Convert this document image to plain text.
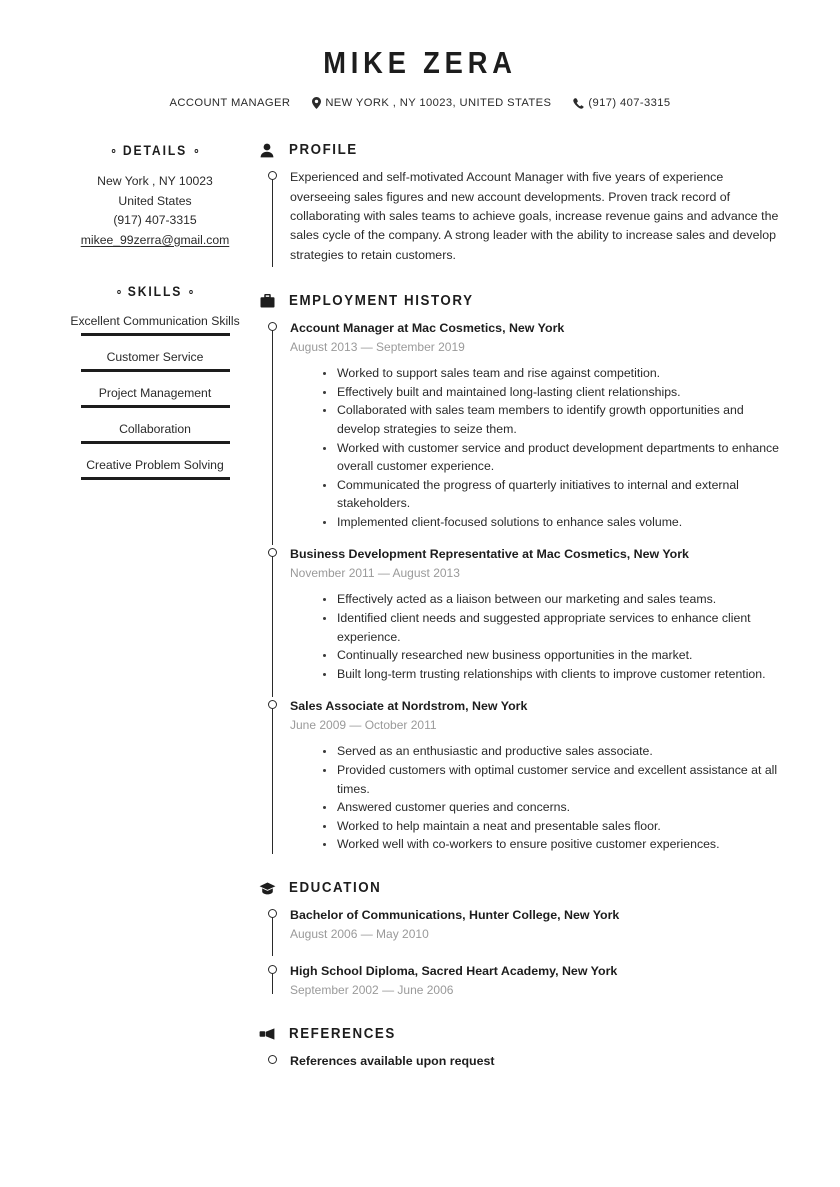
MIKE ZERA
ACCOUNT MANAGER	NEW YORK , NY 10023, UNITED STATES	(917) 407-3315
DETAILS
New York , NY 10023
United States
(917) 407-3315
mikee_99zerra@gmail.com
SKILLS
Excellent Communication Skills
Customer Service
Project Management
Collaboration
Creative Problem Solving
PROFILE

Experienced and self-motivated Account Manager with five years of experience overseeing sales figures and new account developments. Proven track record of collaborating with sales teams to achieve goals, increase revenue gains and advance the sales cycle of the company. A strong leader with the ability to increase sales and develop strategies to retain customers.

EMPLOYMENT HISTORY
Account Manager at Mac Cosmetics, New York
August 2013 — September 2019
Worked to support sales team and rise against competition.
Effectively built and maintained long-lasting client relationships.
Collaborated with sales team members to identify growth opportunities and develop strategies to seize them.
Worked with customer service and product development departments to enhance overall customer experience.
Communicated the progress of quarterly initiatives to internal and external stakeholders.
Implemented client-focused solutions to enhance sales volume.
Business Development Representative at Mac Cosmetics, New York
November 2011 — August 2013
Effectively acted as a liaison between our marketing and sales teams.
Identified client needs and suggested appropriate services to enhance client experience.
Continually researched new business opportunities in the market.
Built long-term trusting relationships with clients to improve customer retention.
Sales Associate at Nordstrom, New York
June 2009 — October 2011
Served as an enthusiastic and productive sales associate.
Provided customers with optimal customer service and excellent assistance at all times.
Answered customer queries and concerns.
Worked to help maintain a neat and presentable sales floor.
Worked well with co-workers to ensure positive customer experiences.
EDUCATION
Bachelor of Communications, Hunter College, New York
August 2006 — May 2010
High School Diploma, Sacred Heart Academy, New York
September 2002 — June 2006
REFERENCES
References available upon request
